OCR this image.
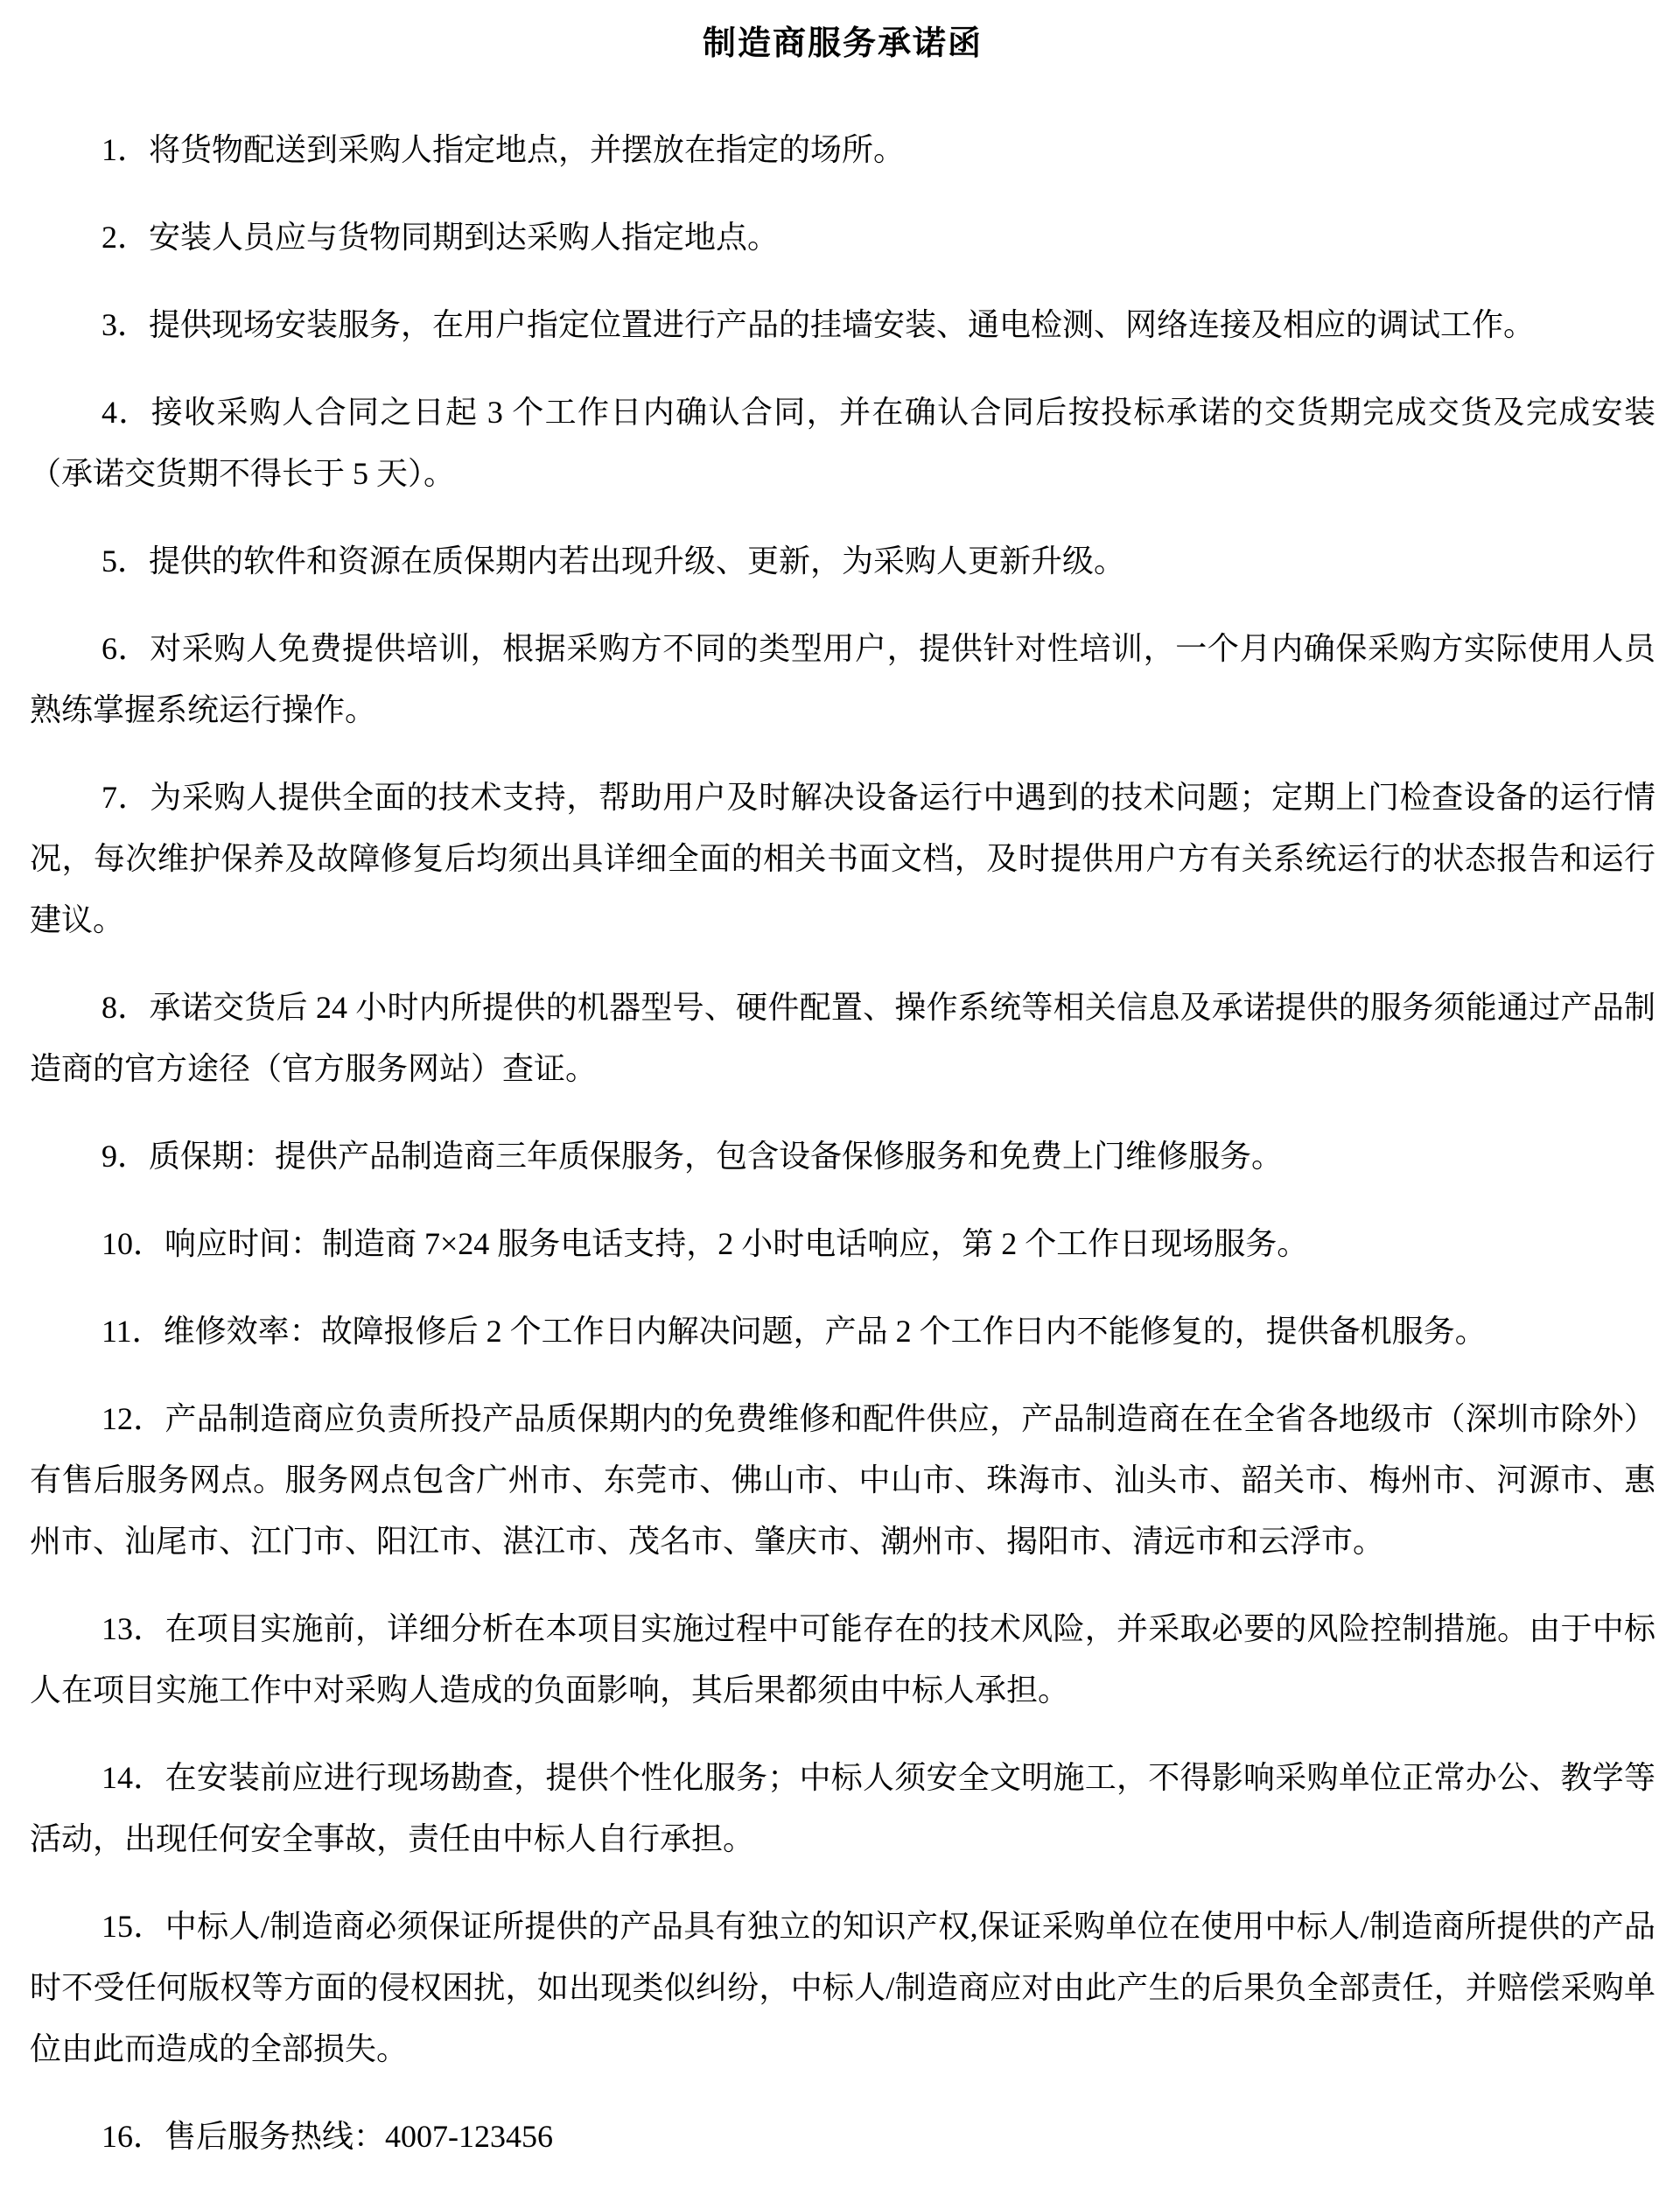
制造商服务承诺函

1．将货物配送到采购人指定地点，并摆放在指定的场所。

2．安装人员应与货物同期到达采购人指定地点。

3．提供现场安装服务，在用户指定位置进行产品的挂墙安装、通电检测、网络连接及相应的调试工作。

4．接收采购人合同之日起 3 个工作日内确认合同，并在确认合同后按投标承诺的交货期完成交货及完成安装（承诺交货期不得长于 5 天）。

5．提供的软件和资源在质保期内若出现升级、更新，为采购人更新升级。

6．对采购人免费提供培训，根据采购方不同的类型用户，提供针对性培训，一个月内确保采购方实际使用人员熟练掌握系统运行操作。

7．为采购人提供全面的技术支持，帮助用户及时解决设备运行中遇到的技术问题；定期上门检查设备的运行情况，每次维护保养及故障修复后均须出具详细全面的相关书面文档，及时提供用户方有关系统运行的状态报告和运行建议。

8．承诺交货后 24 小时内所提供的机器型号、硬件配置、操作系统等相关信息及承诺提供的服务须能通过产品制造商的官方途径（官方服务网站）查证。

9．质保期：提供产品制造商三年质保服务，包含设备保修服务和免费上门维修服务。

10．响应时间：制造商 7×24 服务电话支持，2 小时电话响应，第 2 个工作日现场服务。

11．维修效率：故障报修后 2 个工作日内解决问题，产品 2 个工作日内不能修复的，提供备机服务。

12．产品制造商应负责所投产品质保期内的免费维修和配件供应，产品制造商在在全省各地级市（深圳市除外）有售后服务网点。服务网点包含广州市、东莞市、佛山市、中山市、珠海市、汕头市、韶关市、梅州市、河源市、惠州市、汕尾市、江门市、阳江市、湛江市、茂名市、肇庆市、潮州市、揭阳市、清远市和云浮市。

13．在项目实施前，详细分析在本项目实施过程中可能存在的技术风险，并采取必要的风险控制措施。由于中标人在项目实施工作中对采购人造成的负面影响，其后果都须由中标人承担。

14．在安装前应进行现场勘查，提供个性化服务；中标人须安全文明施工，不得影响采购单位正常办公、教学等活动，出现任何安全事故，责任由中标人自行承担。

15．中标人/制造商必须保证所提供的产品具有独立的知识产权,保证采购单位在使用中标人/制造商所提供的产品时不受任何版权等方面的侵权困扰，如出现类似纠纷，中标人/制造商应对由此产生的后果负全部责任，并赔偿采购单位由此而造成的全部损失。

16．售后服务热线：4007-123456
